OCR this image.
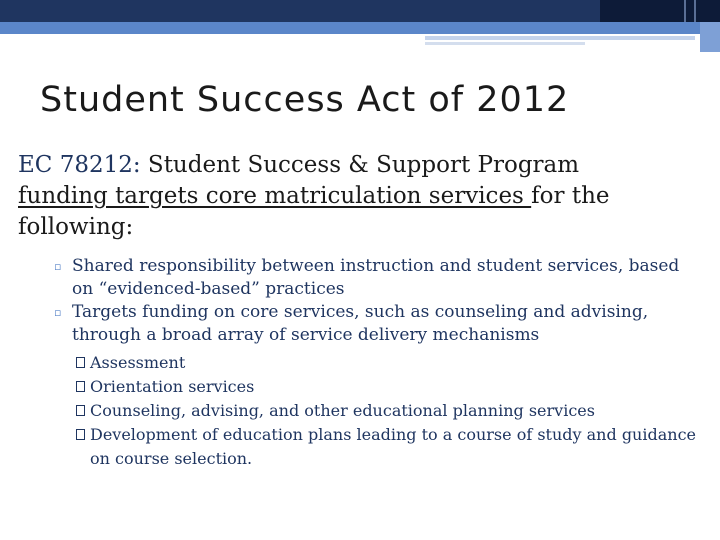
Student Success Act of 2012
EC 78212: Student Success & Support Program
funding targets core matriculation services for the following:
▫ Shared responsibility between instruction and student services, based on “evidenced-based” practices
▫ Targets funding on core services, such as counseling and advising, through a broad array of service delivery mechanisms
Assessment
Orientation services
Counseling, advising, and other educational planning services
Development of education plans leading to a course of study and guidance on course selection.
